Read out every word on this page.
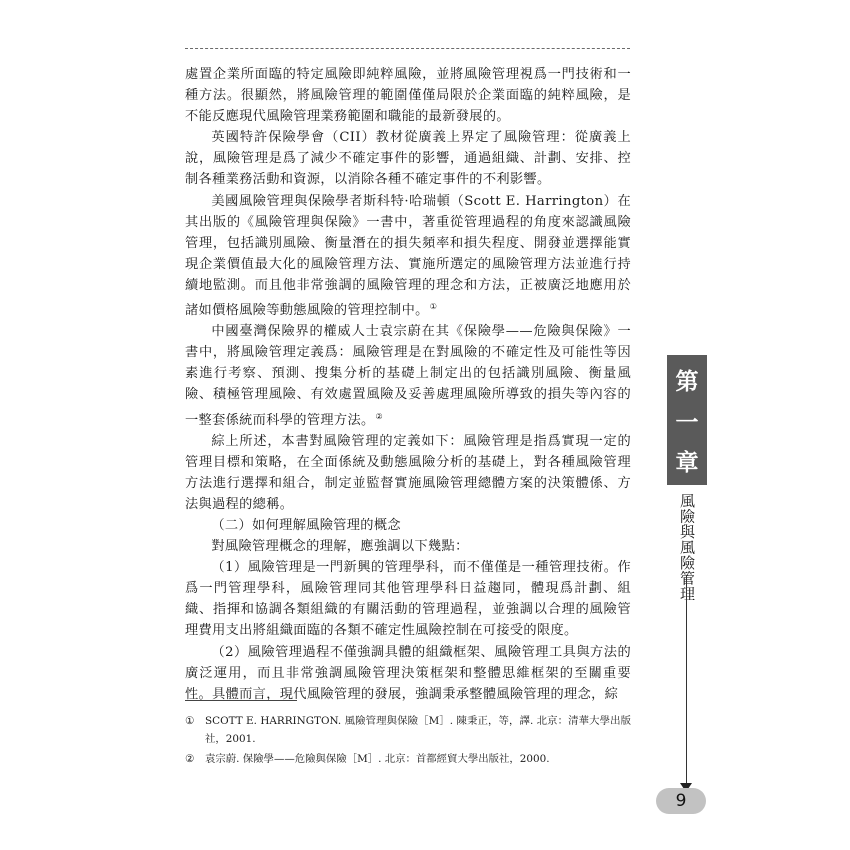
處置企業所面臨的特定風險即純粹風險，並將風險管理視爲一門技術和一種方法。很顯然，將風險管理的範圍僅僅局限於企業面臨的純粹風險，是不能反應現代風險管理業務範圍和職能的最新發展的。

英國特許保險學會（CII）教材從廣義上界定了風險管理：從廣義上說，風險管理是爲了減少不確定事件的影響，通過組織、計劃、安排、控制各種業務活動和資源，以消除各種不確定事件的不利影響。

美國風險管理與保險學者斯科特·哈瑞頓（Scott E. Harrington）在其出版的《風險管理與保險》一書中，著重從管理過程的角度來認識風險管理，包括識別風險、衡量潛在的損失頻率和損失程度、開發並選擇能實現企業價值最大化的風險管理方法、實施所選定的風險管理方法並進行持續地監測。而且他非常強調的風險管理的理念和方法，正被廣泛地應用於諸如價格風險等動態風險的管理控制中。①

中國臺灣保險界的權威人士袁宗蔚在其《保險學——危險與保險》一書中，將風險管理定義爲：風險管理是在對風險的不確定性及可能性等因素進行考察、預測、搜集分析的基礎上制定出的包括識別風險、衡量風險、積極管理風險、有效處置風險及妥善處理風險所導致的損失等內容的一整套係統而科學的管理方法。②

綜上所述，本書對風險管理的定義如下：風險管理是指爲實現一定的管理目標和策略，在全面係統及動態風險分析的基礎上，對各種風險管理方法進行選擇和組合，制定並監督實施風險管理總體方案的決策體係、方法與過程的總稱。

（二）如何理解風險管理的概念

對風險管理概念的理解，應強調以下幾點：

（1）風險管理是一門新興的管理學科，而不僅僅是一種管理技術。作爲一門管理學科，風險管理同其他管理學科日益趨同，體現爲計劃、組織、指揮和協調各類組織的有關活動的管理過程，並強調以合理的風險管理費用支出將組織面臨的各類不確定性風險控制在可接受的限度。

（2）風險管理過程不僅強調具體的組織框架、風險管理工具與方法的廣泛運用，而且非常強調風險管理決策框架和整體思維框架的至關重要性。具體而言，現代風險管理的發展，強調秉承整體風險管理的理念，綜

①	SCOTT E. HARRINGTON. 風險管理與保險［M］. 陳秉正，等，譯. 北京：清華大學出版社，2001.
②	袁宗蔚. 保險學——危險與保險［M］. 北京：首都經貿大學出版社，2000.
第
一
章
風險與風險管理
9
